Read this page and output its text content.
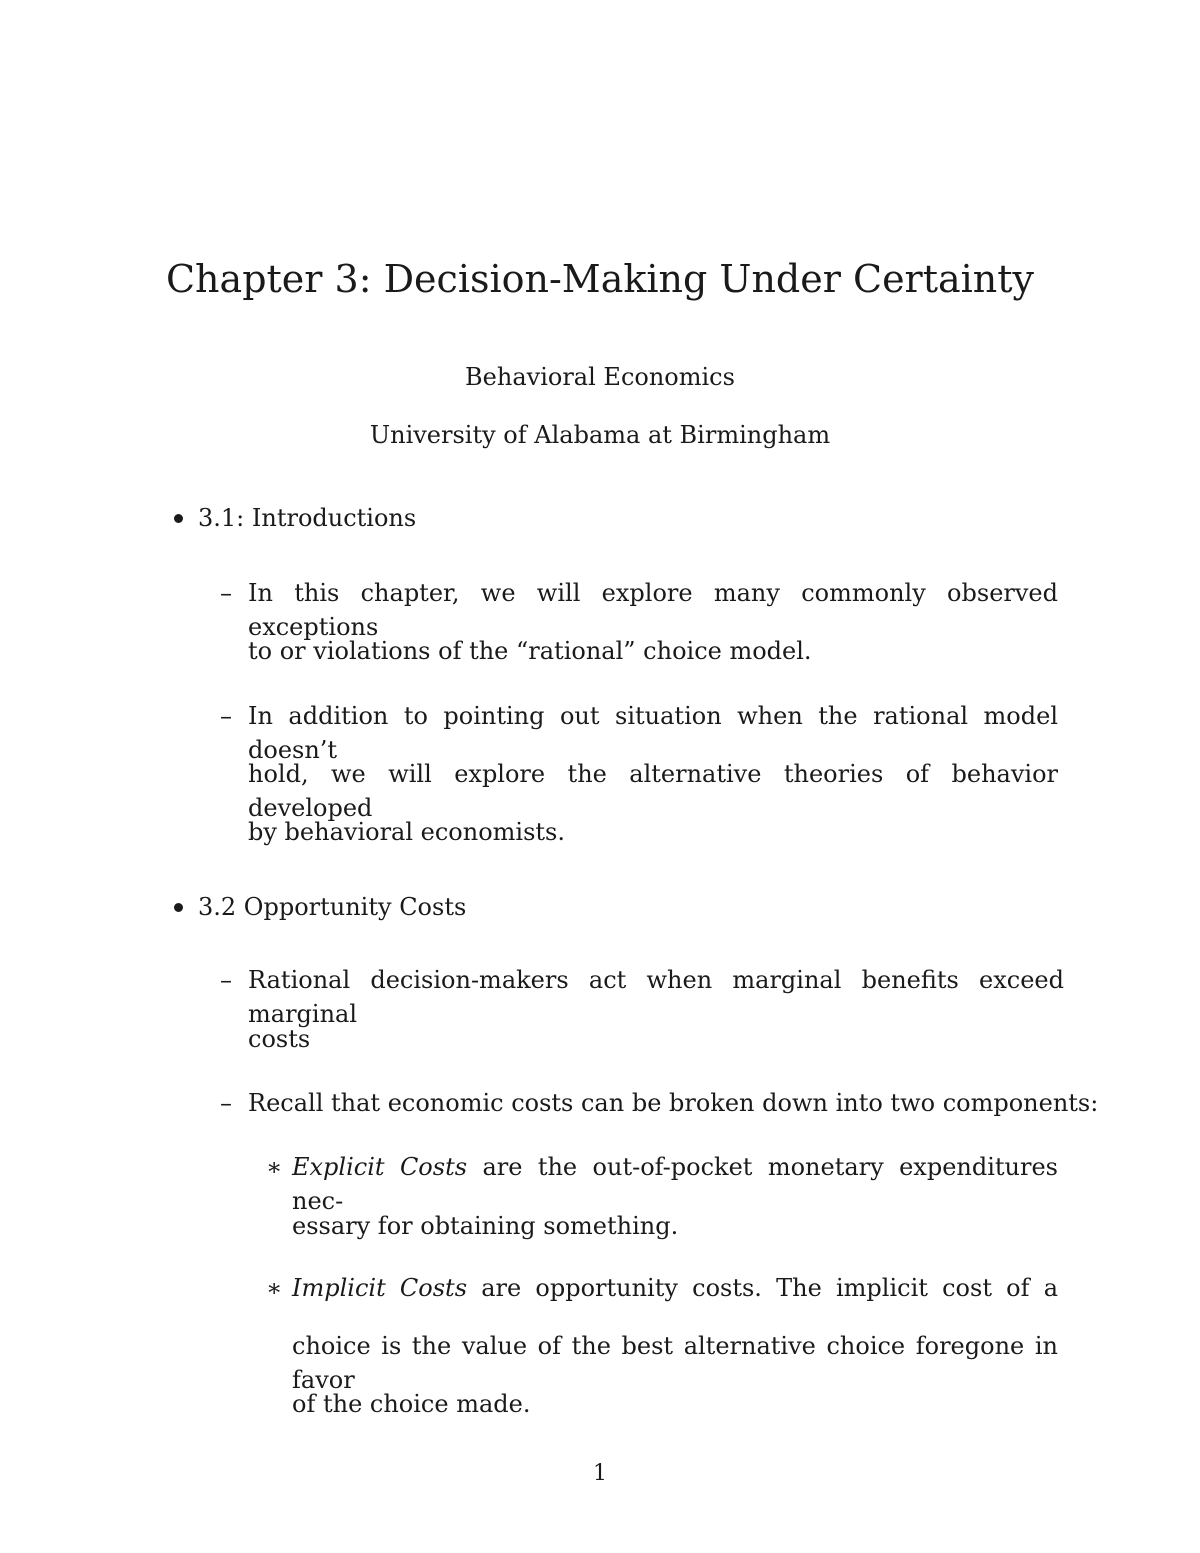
Chapter 3: Decision-Making Under Certainty
Behavioral Economics
University of Alabama at Birmingham
3.1: Introductions
– In this chapter, we will explore many commonly observed exceptions
to or violations of the “rational” choice model.
– In addition to pointing out situation when the rational model doesn’t
hold, we will explore the alternative theories of behavior developed
by behavioral economists.
3.2 Opportunity Costs
– Rational decision-makers act when marginal benefits exceed marginal
costs
– Recall that economic costs can be broken down into two components:
∗ Explicit Costs are the out-of-pocket monetary expenditures nec-
essary for obtaining something.
∗ Implicit Costs are opportunity costs. The implicit cost of a
choice is the value of the best alternative choice foregone in favor
of the choice made.
1
